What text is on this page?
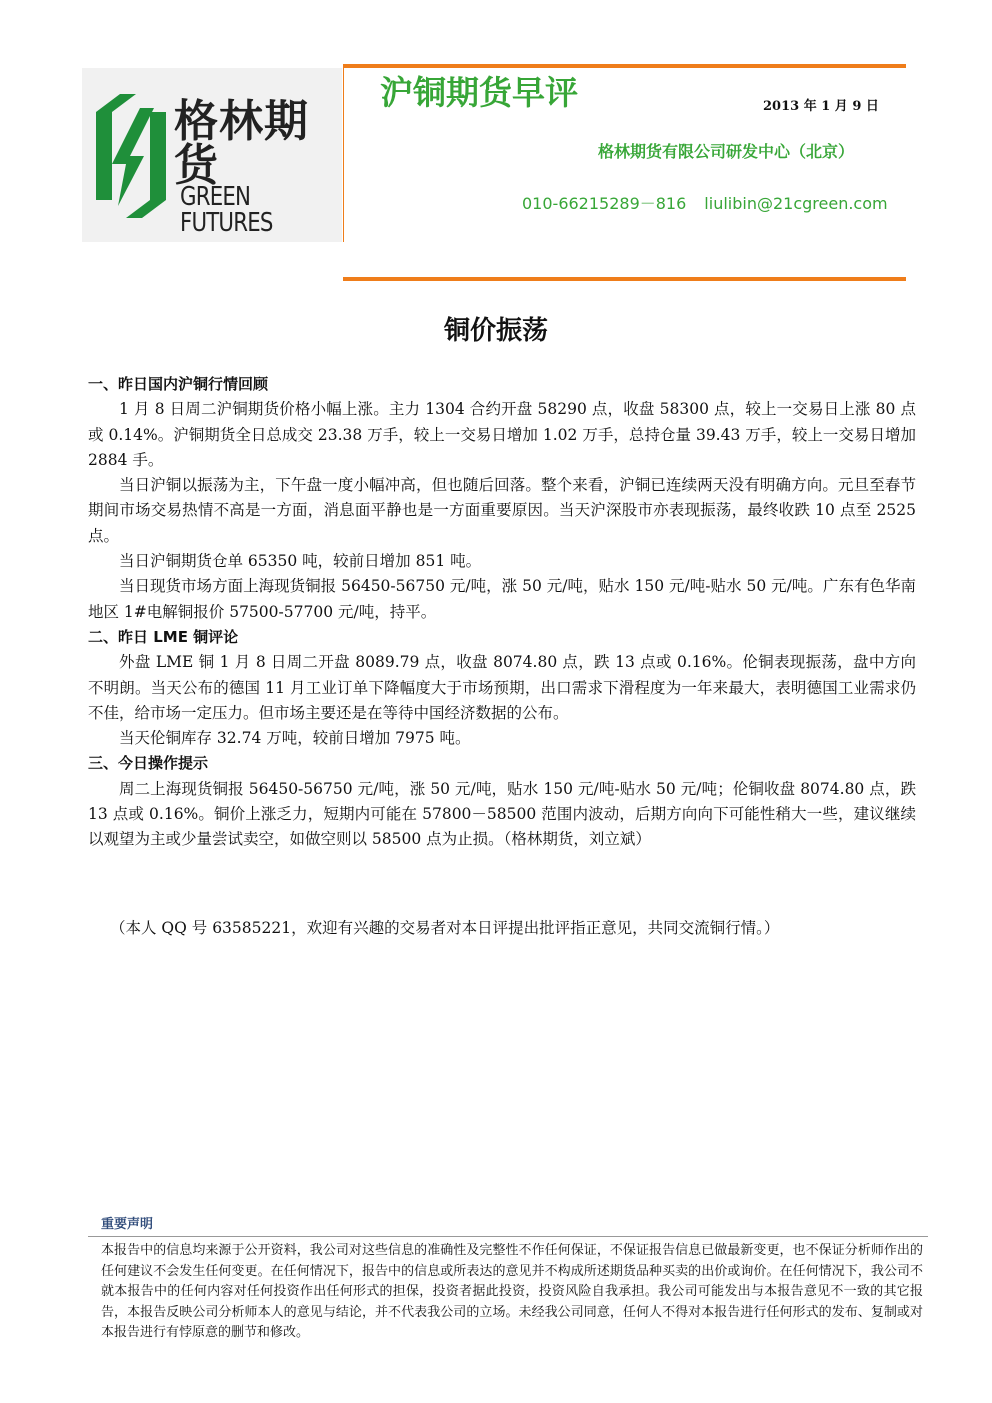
格林期货
GREEN FUTURES
沪铜期货早评	2013 年 1 月 9 日
格林期货有限公司研发中心（北京）
010-66215289－816 liulibin@21cgreen.com
铜价振荡
一、昨日国内沪铜行情回顾

1 月 8 日周二沪铜期货价格小幅上涨。主力 1304 合约开盘 58290 点，收盘 58300 点，较上一交易日上涨 80 点或 0.14%。沪铜期货全日总成交 23.38 万手，较上一交易日增加 1.02 万手，总持仓量 39.43 万手，较上一交易日增加 2884 手。

当日沪铜以振荡为主，下午盘一度小幅冲高，但也随后回落。整个来看，沪铜已连续两天没有明确方向。元旦至春节期间市场交易热情不高是一方面，消息面平静也是一方面重要原因。当天沪深股市亦表现振荡，最终收跌 10 点至 2525 点。

当日沪铜期货仓单 65350 吨，较前日增加 851 吨。

当日现货市场方面上海现货铜报 56450-56750 元/吨，涨 50 元/吨，贴水 150 元/吨-贴水 50 元/吨。广东有色华南地区 1#电解铜报价 57500-57700 元/吨，持平。

二、昨日 LME 铜评论

外盘 LME 铜 1 月 8 日周二开盘 8089.79 点，收盘 8074.80 点，跌 13 点或 0.16%。伦铜表现振荡，盘中方向不明朗。当天公布的德国 11 月工业订单下降幅度大于市场预期，出口需求下滑程度为一年来最大，表明德国工业需求仍不佳，给市场一定压力。但市场主要还是在等待中国经济数据的公布。

当天伦铜库存 32.74 万吨，较前日增加 7975 吨。

三、今日操作提示

周二上海现货铜报 56450-56750 元/吨，涨 50 元/吨，贴水 150 元/吨-贴水 50 元/吨；伦铜收盘 8074.80 点，跌 13 点或 0.16%。铜价上涨乏力，短期内可能在 57800－58500 范围内波动，后期方向向下可能性稍大一些，建议继续以观望为主或少量尝试卖空，如做空则以 58500 点为止损。（格林期货，刘立斌）

（本人 QQ 号 63585221，欢迎有兴趣的交易者对本日评提出批评指正意见，共同交流铜行情。）
重要声明
本报告中的信息均来源于公开资料，我公司对这些信息的准确性及完整性不作任何保证，不保证报告信息已做最新变更，也不保证分析师作出的任何建议不会发生任何变更。在任何情况下，报告中的信息或所表达的意见并不构成所述期货品种买卖的出价或询价。在任何情况下，我公司不就本报告中的任何内容对任何投资作出任何形式的担保，投资者据此投资，投资风险自我承担。我公司可能发出与本报告意见不一致的其它报告，本报告反映公司分析师本人的意见与结论，并不代表我公司的立场。未经我公司同意，任何人不得对本报告进行任何形式的发布、复制或对本报告进行有悖原意的删节和修改。
